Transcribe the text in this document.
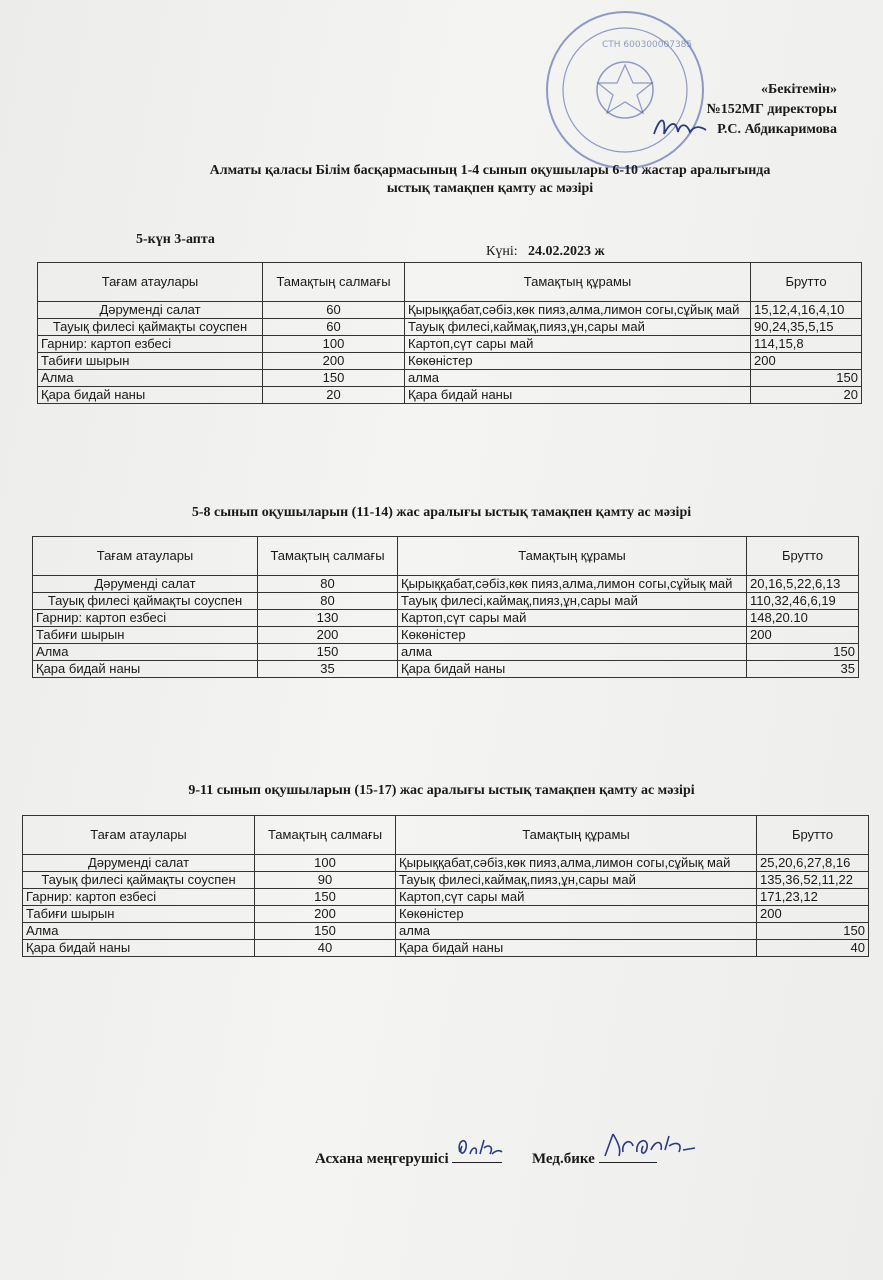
СТН 600300007385
«Бекітемін»
№152МГ директоры
Р.С. Абдикаримова
Алматы қаласы Білім басқармасының 1-4 сынып оқушылары 6-10 жастар аралығында
ыстық тамақпен қамту ас мәзірі
5-күн 3-апта
Күні: 24.02.2023 ж
Тағам атаулары	Тамақтың салмағы	Тамақтың құрамы	Брутто
Дәруменді салат	60	Қырыққабат,сәбіз,көк пияз,алма,лимон согы,сұйық май	15,12,4,16,4,10
Тауық филесі қаймақты соуспен	60	Тауық филесі,каймақ,пияз,ұн,сары май	90,24,35,5,15
Гарнир: картоп езбесі	100	Картоп,сүт сары май	114,15,8
Табиғи шырын	200	Көкөністер	200
Алма	150	алма	150
Қара бидай наны	20	Қара бидай наны	20
5-8 сынып оқушыларын (11-14) жас аралығы ыстық тамақпен қамту ас мәзірі
Тағам атаулары	Тамақтың салмағы	Тамақтың құрамы	Брутто
Дәруменді салат	80	Қырыққабат,сәбіз,көк пияз,алма,лимон согы,сұйық май	20,16,5,22,6,13
Тауық филесі қаймақты соуспен	80	Тауық филесі,каймақ,пияз,ұн,сары май	110,32,46,6,19
Гарнир: картоп езбесі	130	Картоп,сүт сары май	148,20.10
Табиғи шырын	200	Көкөністер	200
Алма	150	алма	150
Қара бидай наны	35	Қара бидай наны	35
9-11 сынып оқушыларын (15-17) жас аралығы ыстық тамақпен қамту ас мәзірі
Тағам атаулары	Тамақтың салмағы	Тамақтың құрамы	Брутто
Дәруменді салат	100	Қырыққабат,сәбіз,көк пияз,алма,лимон согы,сұйық май	25,20,6,27,8,16
Тауық филесі қаймақты соуспен	90	Тауық филесі,каймақ,пияз,ұн,сары май	135,36,52,11,22
Гарнир: картоп езбесі	150	Картоп,сүт сары май	171,23,12
Табиғи шырын	200	Көкөністер	200
Алма	150	алма	150
Қара бидай наны	40	Қара бидай наны	40
Асхана меңгерушісі	Мед.бике
